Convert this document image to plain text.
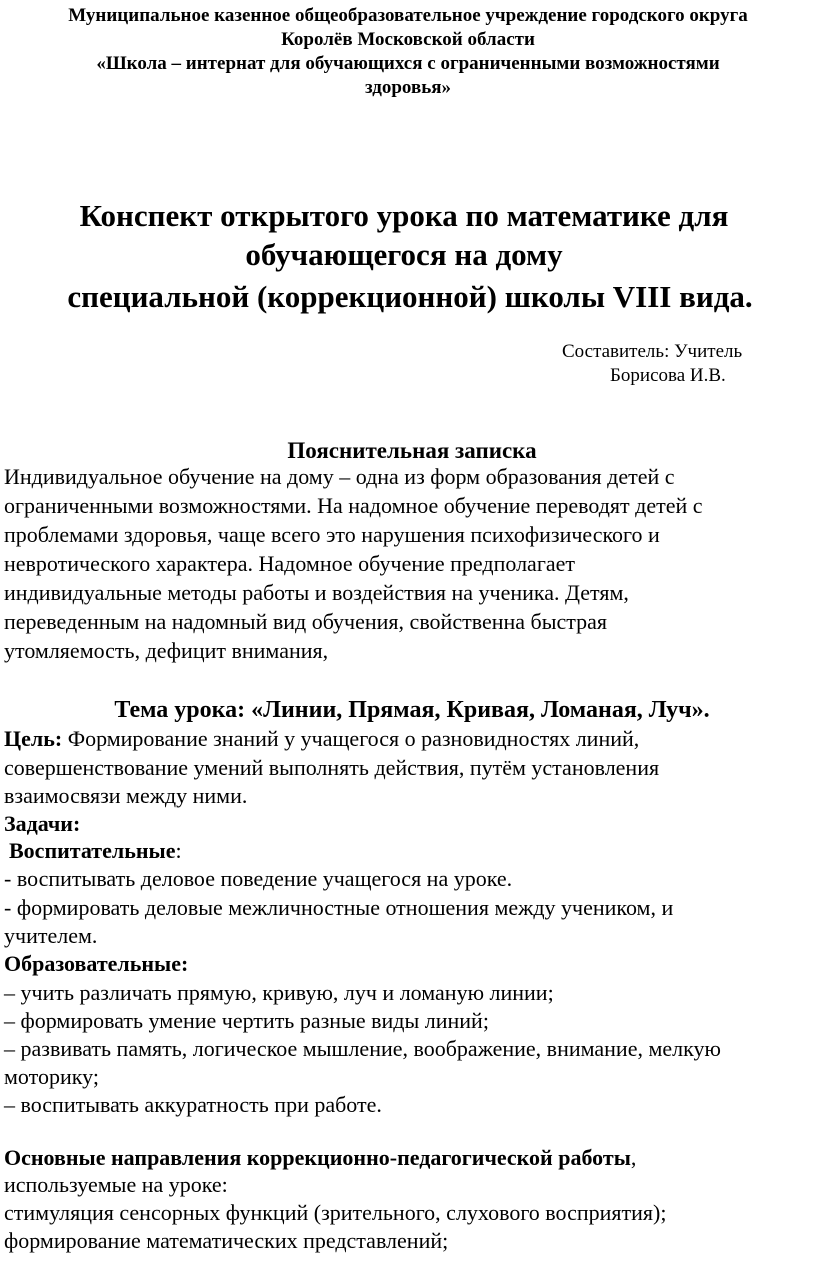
Муниципальное казенное общеобразовательное учреждение городского округа
Королёв Московской области
«Школа – интернат для обучающихся с ограниченными возможностями
здоровья»
Конспект открытого урока по математике для
обучающегося на дому
специальной (коррекционной) школы VIII вида.
Составитель: Учитель
Борисова И.В.
Пояснительная записка
Индивидуальное обучение на дому – одна из форм образования детей с
ограниченными возможностями. На надомное обучение переводят детей с
проблемами здоровья, чаще всего это нарушения психофизического и
невротического характера. Надомное обучение предполагает
индивидуальные методы работы и воздействия на ученика. Детям,
переведенным на надомный вид обучения, свойственна быстрая
утомляемость, дефицит внимания,
Тема урока: «Линии, Прямая, Кривая, Ломаная, Луч».
Цель: Формирование знаний у учащегося о разновидностях линий,
совершенствование умений выполнять действия, путём установления
взаимосвязи между ними.
Задачи:
Воспитательные:
- воспитывать деловое поведение учащегося на уроке.
- формировать деловые межличностные отношения между учеником, и
учителем.
Образовательные:
– учить различать прямую, кривую, луч и ломаную линии;
– формировать умение чертить разные виды линий;
– развивать память, логическое мышление, воображение, внимание, мелкую
моторику;
– воспитывать аккуратность при работе.
Основные направления коррекционно-педагогической работы,
используемые на уроке:
стимуляция сенсорных функций (зрительного, слухового восприятия);
формирование математических представлений;
